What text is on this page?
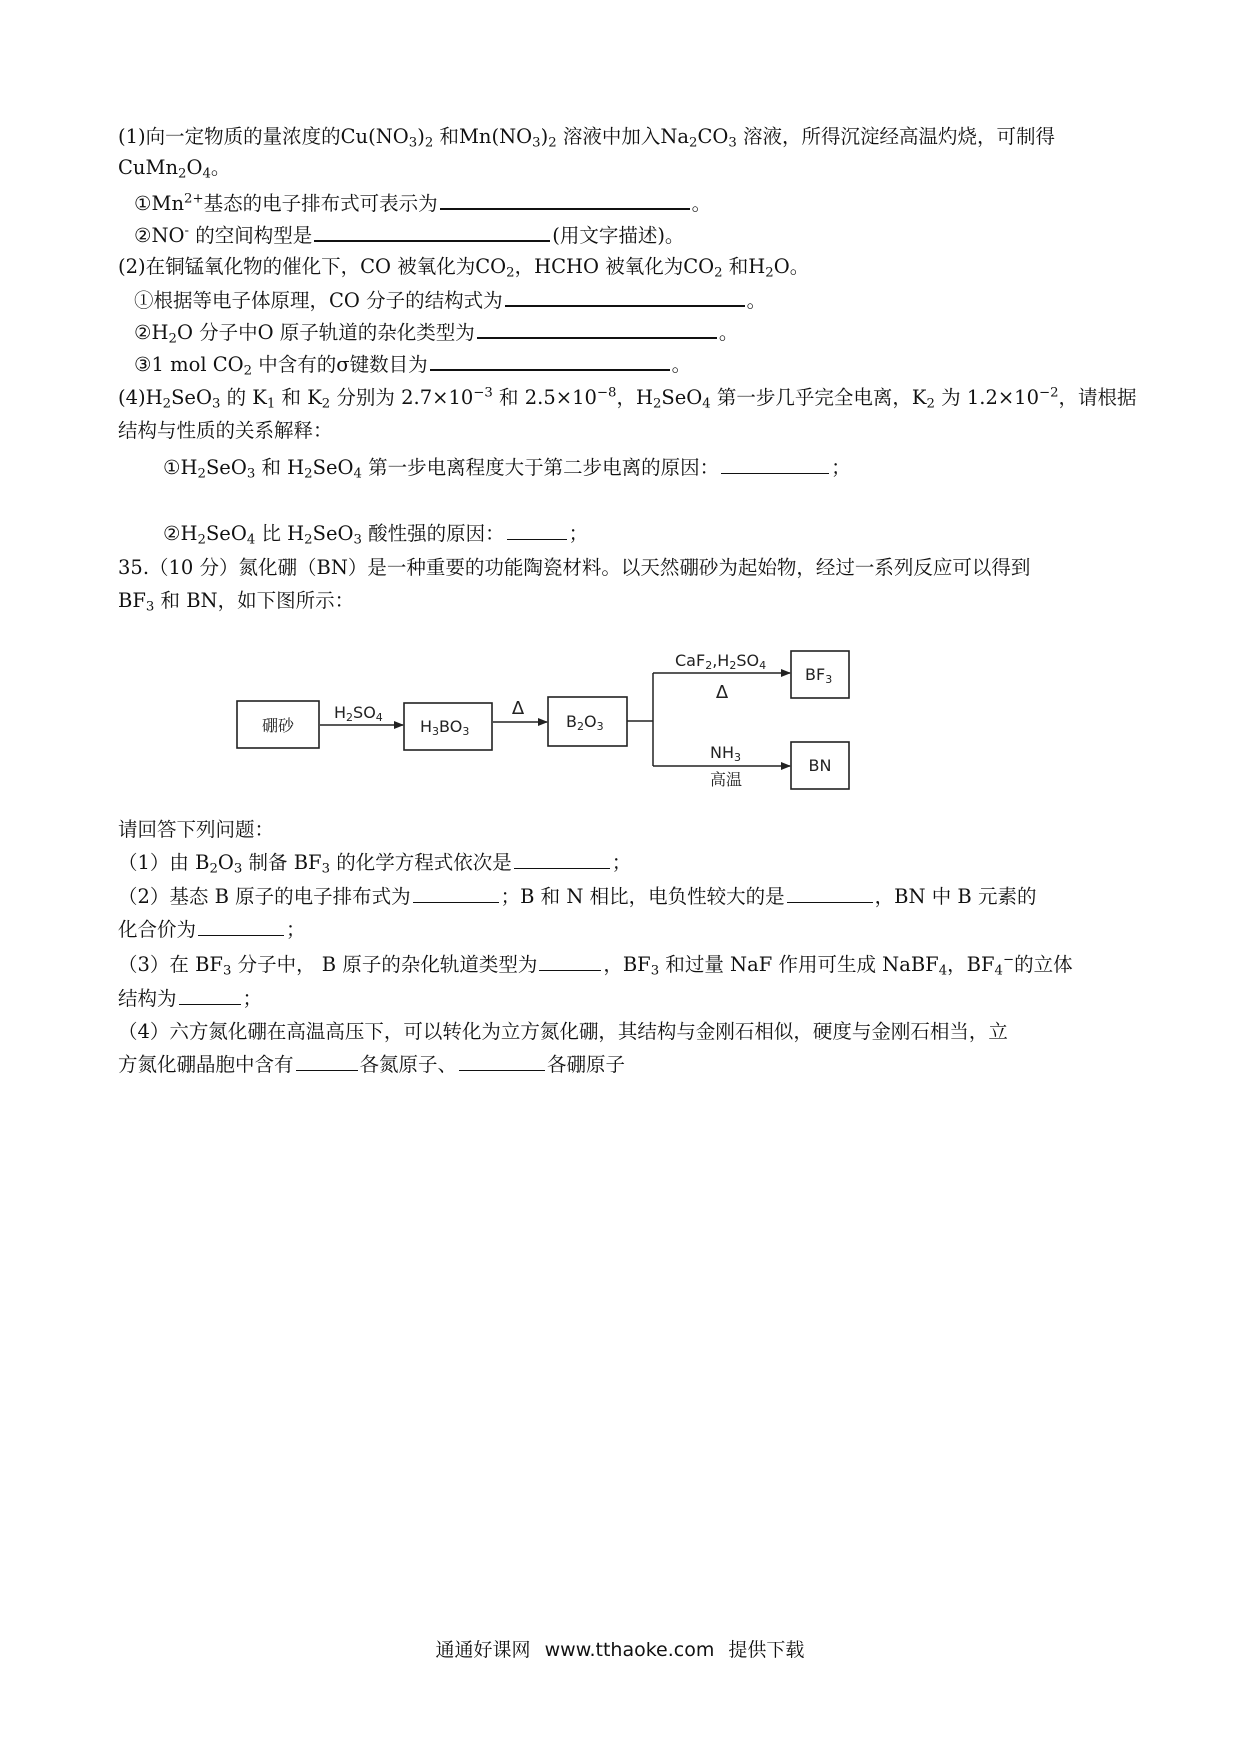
(1)向一定物质的量浓度的$Cu(NO_3)_2$ 和$Mn(NO_3)_2$ 溶液中加入$Na_2CO_3$ 溶液，所得沉淀经高温灼烧，可制得
$CuMn_2O_4$。
$①Mn^{2+}$基态的电子排布式可表示为	。
②NO- 的空间构型是	(用文字描述)。
(2)在铜锰氧化物的催化下，CO 被氧化为$CO_2$，HCHO 被氧化为$CO_2$ 和$H_2O$。
①根据等电子体原理，CO 分子的结构式为	。
$②H_2O$ 分子中O 原子轨道的杂化类型为	。
③1 mol $CO_2$ 中含有的σ键数目为	。
$(4)H_2SeO_3$ 的 $K_1$ 和 $K_2$ 分别为 $2.7\times 10^{-3}$ 和 $2.5\times 10^{-8}$，$H_2SeO_4$ 第一步几乎完全电离，$K_2$ 为 $1.2\times 10^{-2}$，请根据
结构与性质的关系解释：
$①H_2SeO_3$ 和 $H_2SeO_4$ 第一步电离程度大于第二步电离的原因：	；
$②H_2SeO_4$ 比 $H_2SeO_3$ 酸性强的原因：	；
35.（10 分）氮化硼（BN）是一种重要的功能陶瓷材料。以天然硼砂为起始物，经过一系列反应可以得到
$BF_3$ 和 BN，如下图所示：
硼砂
H2SO4 H3BO3
Δ
B2O3
CaF2,H2SO4
Δ
BF3
NH3
高温
BN
请回答下列问题：
（1）由 $B_2O_3$ 制备 $BF_3$ 的化学方程式依次是	；
（2）基态 B 原子的电子排布式为	；B 和 N 相比，电负性较大的是	，BN 中 B 元素的
化合价为	；
（3）在 $BF_3$ 分子中， B 原子的杂化轨道类型为	，$BF_3$ 和过量 NaF 作用可生成 NaBF$_4$，$BF_4^-$的立体
结构为	；
（4）六方氮化硼在高温高压下，可以转化为立方氮化硼，其结构与金刚石相似，硬度与金刚石相当，立
方氮化硼晶胞中含有	各氮原子、	各硼原子
通通好课网 www.tthaoke.com 提供下载
